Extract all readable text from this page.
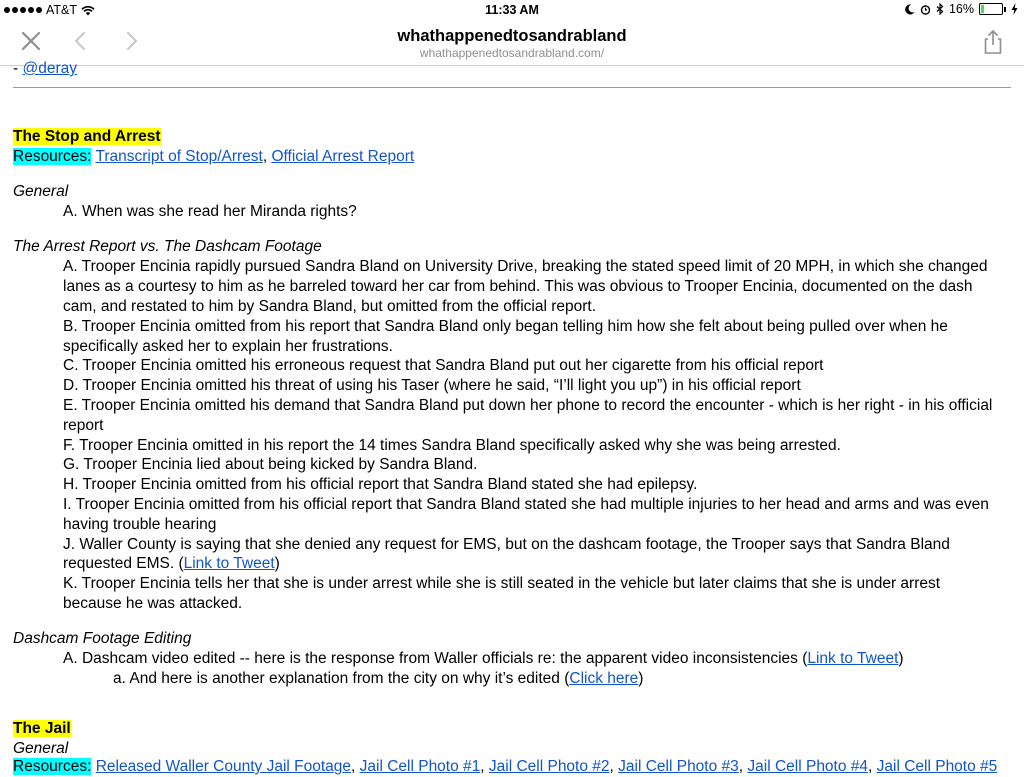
AT&T	11:33 AM	16%
whathappenedtosandrabland
whathappenedtosandrabland.com/
- @deray
The Stop and Arrest
Resources: Transcript of Stop/Arrest, Official Arrest Report
General
A. When was she read her Miranda rights?
The Arrest Report vs. The Dashcam Footage
A. Trooper Encinia rapidly pursued Sandra Bland on University Drive, breaking the stated speed limit of 20 MPH, in which she changed
lanes as a courtesy to him as he barreled toward her car from behind. This was obvious to Trooper Encinia, documented on the dash
cam, and restated to him by Sandra Bland, but omitted from the official report.
B. Trooper Encinia omitted from his report that Sandra Bland only began telling him how she felt about being pulled over when he
specifically asked her to explain her frustrations.
C. Trooper Encinia omitted his erroneous request that Sandra Bland put out her cigarette from his official report
D. Trooper Encinia omitted his threat of using his Taser (where he said, “I’ll light you up”) in his official report
E. Trooper Encinia omitted his demand that Sandra Bland put down her phone to record the encounter - which is her right - in his official
report
F. Trooper Encinia omitted in his report the 14 times Sandra Bland specifically asked why she was being arrested.
G. Trooper Encinia lied about being kicked by Sandra Bland.
H. Trooper Encinia omitted from his official report that Sandra Bland stated she had epilepsy.
I. Trooper Encinia omitted from his official report that Sandra Bland stated she had multiple injuries to her head and arms and was even
having trouble hearing
J. Waller County is saying that she denied any request for EMS, but on the dashcam footage, the Trooper says that Sandra Bland
requested EMS. (Link to Tweet)
K. Trooper Encinia tells her that she is under arrest while she is still seated in the vehicle but later claims that she is under arrest
because he was attacked.
Dashcam Footage Editing
A. Dashcam video edited -- here is the response from Waller officials re: the apparent video inconsistencies (Link to Tweet)
a. And here is another explanation from the city on why it’s edited (Click here)
The Jail
General
Resources: Released Waller County Jail Footage, Jail Cell Photo #1, Jail Cell Photo #2, Jail Cell Photo #3, Jail Cell Photo #4, Jail Cell Photo #5
